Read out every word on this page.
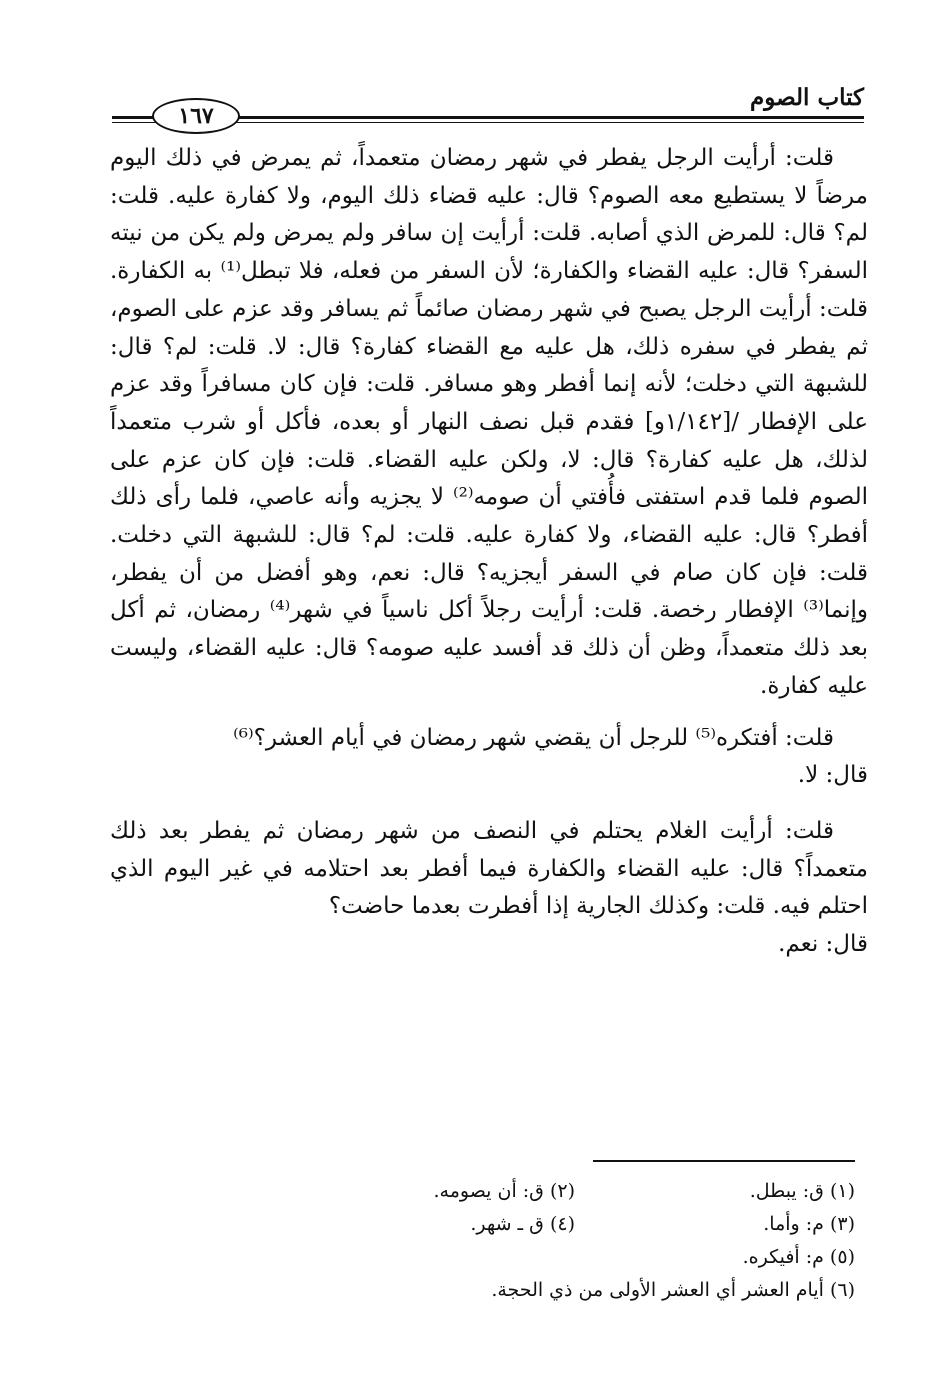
١٦٧
كتاب الصوم

قلت: أرأيت الرجل يفطر في شهر رمضان متعمداً، ثم يمرض في ذلك اليوم مرضاً لا يستطيع معه الصوم؟ قال: عليه قضاء ذلك اليوم، ولا كفارة عليه. قلت: لم؟ قال: للمرض الذي أصابه. قلت: أرأيت إن سافر ولم يمرض ولم يكن من نيته السفر؟ قال: عليه القضاء والكفارة؛ لأن السفر من فعله، فلا تبطل⁽¹⁾ به الكفارة. قلت: أرأيت الرجل يصبح في شهر رمضان صائماً ثم يسافر وقد عزم على الصوم، ثم يفطر في سفره ذلك، هل عليه مع القضاء كفارة؟ قال: لا. قلت: لم؟ قال: للشبهة التي دخلت؛ لأنه إنما أفطر وهو مسافر. قلت: فإن كان مسافراً وقد عزم على الإفطار /[١/١٤٢و] فقدم قبل نصف النهار أو بعده، فأكل أو شرب متعمداً لذلك، هل عليه كفارة؟ قال: لا، ولكن عليه القضاء. قلت: فإن كان عزم على الصوم فلما قدم استفتى فأُفتي أن صومه⁽²⁾ لا يجزيه وأنه عاصي، فلما رأى ذلك أفطر؟ قال: عليه القضاء، ولا كفارة عليه. قلت: لم؟ قال: للشبهة التي دخلت. قلت: فإن كان صام في السفر أيجزيه؟ قال: نعم، وهو أفضل من أن يفطر، وإنما⁽³⁾ الإفطار رخصة. قلت: أرأيت رجلاً أكل ناسياً في شهر⁽⁴⁾ رمضان، ثم أكل بعد ذلك متعمداً، وظن أن ذلك قد أفسد عليه صومه؟ قال: عليه القضاء، وليست عليه كفارة.

قلت: أفتكره⁽⁵⁾ للرجل أن يقضي شهر رمضان في أيام العشر؟⁽⁶⁾

قال: لا.

قلت: أرأيت الغلام يحتلم في النصف من شهر رمضان ثم يفطر بعد ذلك متعمداً؟ قال: عليه القضاء والكفارة فيما أفطر بعد احتلامه في غير اليوم الذي احتلم فيه. قلت: وكذلك الجارية إذا أفطرت بعدما حاضت؟

قال: نعم.

(١) ق: يبطل.
(٢) ق: أن يصومه.
(٣) م: وأما.
(٤) ق ـ شهر.
(٥) م: أفيكره.
(٦) أيام العشر أي العشر الأولى من ذي الحجة.
